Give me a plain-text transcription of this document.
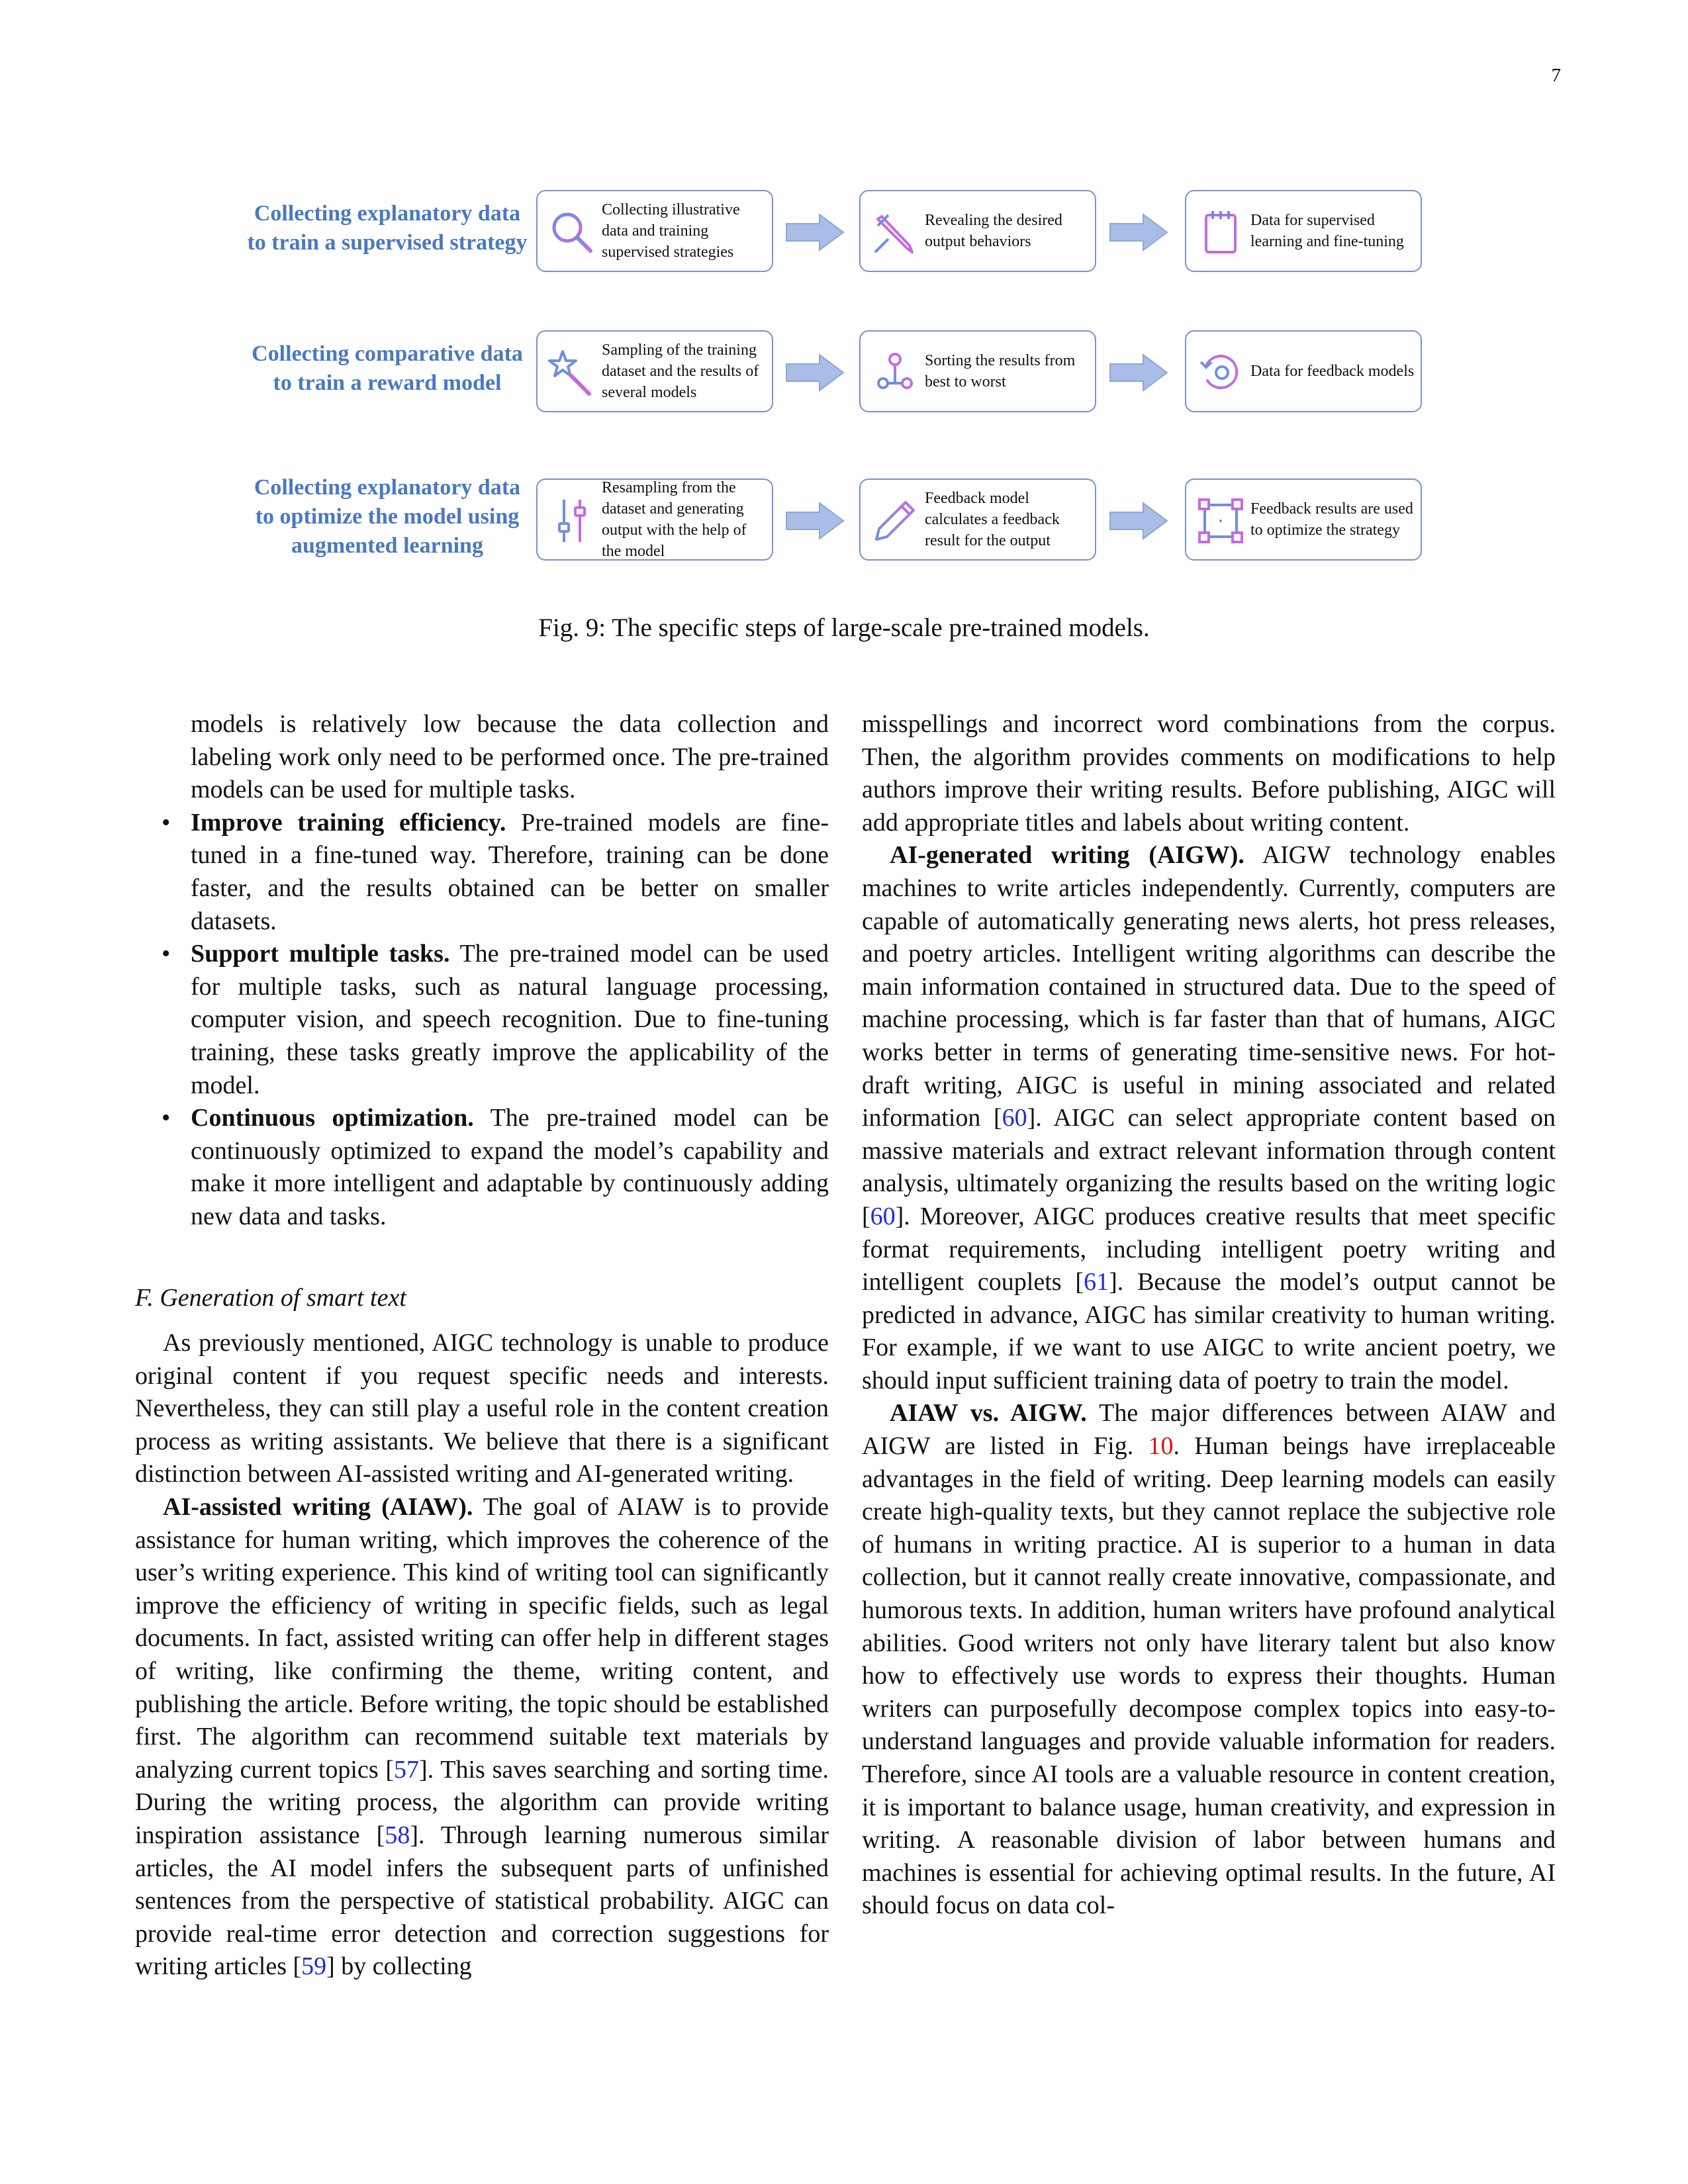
7
Collecting explanatory data to train a supervised strategy
Collecting illustrative data and training supervised strategies
Revealing the desired output behaviors
Data for supervised learning and fine-tuning
Collecting comparative data to train a reward model
Sampling of the training dataset and the results of several models
Sorting the results from best to worst
Data for feedback models
Collecting explanatory data to optimize the model using augmented learning
Resampling from the dataset and generating output with the help of the model
Feedback model calculates a feedback result for the output
Feedback results are used to optimize the strategy
Fig. 9: The specific steps of large-scale pre-trained models.

models is relatively low because the data collection and labeling work only need to be performed once. The pre-trained models can be used for multiple tasks.

• Improve training efficiency. Pre-trained models are fine-tuned in a fine-tuned way. Therefore, training can be done faster, and the results obtained can be better on smaller datasets.
• Support multiple tasks. The pre-trained model can be used for multiple tasks, such as natural language processing, computer vision, and speech recognition. Due to fine-tuning training, these tasks greatly improve the applicability of the model.
• Continuous optimization. The pre-trained model can be continuously optimized to expand the model’s capability and make it more intelligent and adaptable by continuously adding new data and tasks.

F. Generation of smart text

As previously mentioned, AIGC technology is unable to produce original content if you request specific needs and interests. Nevertheless, they can still play a useful role in the content creation process as writing assistants. We believe that there is a significant distinction between AI-assisted writing and AI-generated writing.

AI-assisted writing (AIAW). The goal of AIAW is to provide assistance for human writing, which improves the coherence of the user’s writing experience. This kind of writing tool can significantly improve the efficiency of writing in specific fields, such as legal documents. In fact, assisted writing can offer help in different stages of writing, like confirming the theme, writing content, and publishing the article. Before writing, the topic should be established first. The algorithm can recommend suitable text materials by analyzing current topics [57]. This saves searching and sorting time. During the writing process, the algorithm can provide writing inspiration assistance [58]. Through learning numerous similar articles, the AI model infers the subsequent parts of unfinished sentences from the perspective of statistical probability. AIGC can provide real-time error detection and correction suggestions for writing articles [59] by collecting

misspellings and incorrect word combinations from the corpus. Then, the algorithm provides comments on modifications to help authors improve their writing results. Before publishing, AIGC will add appropriate titles and labels about writing content.

AI-generated writing (AIGW). AIGW technology enables machines to write articles independently. Currently, computers are capable of automatically generating news alerts, hot press releases, and poetry articles. Intelligent writing algorithms can describe the main information contained in structured data. Due to the speed of machine processing, which is far faster than that of humans, AIGC works better in terms of generating time-sensitive news. For hot-draft writing, AIGC is useful in mining associated and related information [60]. AIGC can select appropriate content based on massive materials and extract relevant information through content analysis, ultimately organizing the results based on the writing logic [60]. Moreover, AIGC produces creative results that meet specific format requirements, including intelligent poetry writing and intelligent couplets [61]. Because the model’s output cannot be predicted in advance, AIGC has similar creativity to human writing. For example, if we want to use AIGC to write ancient poetry, we should input sufficient training data of poetry to train the model.

AIAW vs. AIGW. The major differences between AIAW and AIGW are listed in Fig. 10. Human beings have irreplaceable advantages in the field of writing. Deep learning models can easily create high-quality texts, but they cannot replace the subjective role of humans in writing practice. AI is superior to a human in data collection, but it cannot really create innovative, compassionate, and humorous texts. In addition, human writers have profound analytical abilities. Good writers not only have literary talent but also know how to effectively use words to express their thoughts. Human writers can purposefully decompose complex topics into easy-to-understand languages and provide valuable information for readers. Therefore, since AI tools are a valuable resource in content creation, it is important to balance usage, human creativity, and expression in writing. A reasonable division of labor between humans and machines is essential for achieving optimal results. In the future, AI should focus on data col-
